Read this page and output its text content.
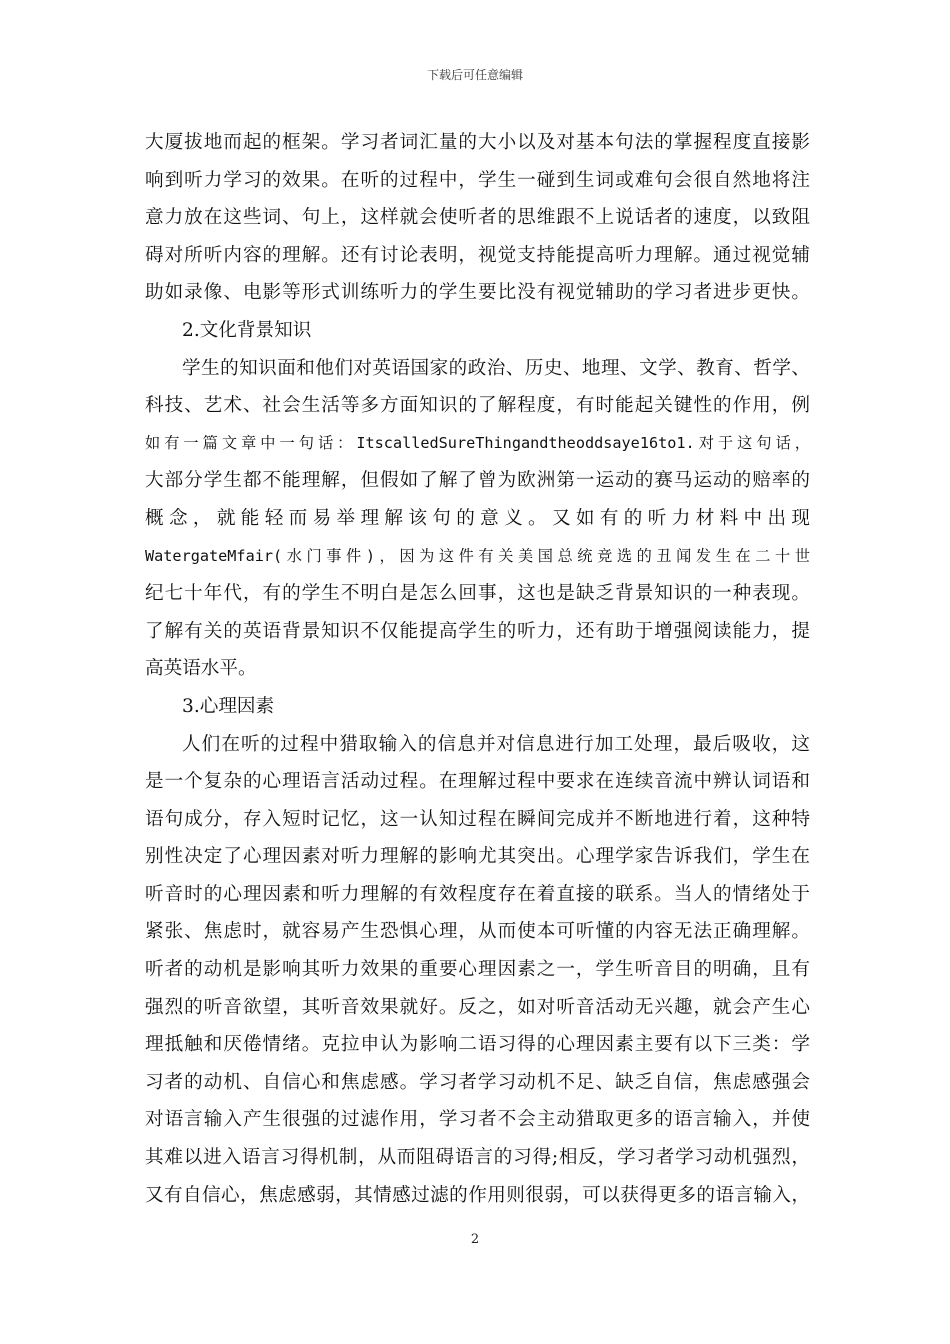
下载后可任意编辑
大厦拔地而起的框架。学习者词汇量的大小以及对基本句法的掌握程度直接影
响到听力学习的效果。在听的过程中，学生一碰到生词或难句会很自然地将注
意力放在这些词、句上，这样就会使听者的思维跟不上说话者的速度，以致阻
碍对所听内容的理解。还有讨论表明，视觉支持能提高听力理解。通过视觉辅
助如录像、电影等形式训练听力的学生要比没有视觉辅助的学习者进步更快。
2.文化背景知识
学生的知识面和他们对英语国家的政治、历史、地理、文学、教育、哲学、
科技、艺术、社会生活等多方面知识的了解程度，有时能起关键性的作用，例
如有一篇文章中一句话：ItscalledSureThingandtheoddsaye16to1.对于这句话，
大部分学生都不能理解，但假如了解了曾为欧洲第一运动的赛马运动的赔率的
概念，就能轻而易举理解该句的意义。又如有的听力材料中出现
WatergateMfair(水门事件)，因为这件有关美国总统竞选的丑闻发生在二十世
纪七十年代，有的学生不明白是怎么回事，这也是缺乏背景知识的一种表现。
了解有关的英语背景知识不仅能提高学生的听力，还有助于增强阅读能力，提
高英语水平。
3.心理因素
人们在听的过程中猎取输入的信息并对信息进行加工处理，最后吸收，这
是一个复杂的心理语言活动过程。在理解过程中要求在连续音流中辨认词语和
语句成分，存入短时记忆，这一认知过程在瞬间完成并不断地进行着，这种特
别性决定了心理因素对听力理解的影响尤其突出。心理学家告诉我们，学生在
听音时的心理因素和听力理解的有效程度存在着直接的联系。当人的情绪处于
紧张、焦虑时，就容易产生恐惧心理，从而使本可听懂的内容无法正确理解。
听者的动机是影响其听力效果的重要心理因素之一，学生听音目的明确，且有
强烈的听音欲望，其听音效果就好。反之，如对听音活动无兴趣，就会产生心
理抵触和厌倦情绪。克拉申认为影响二语习得的心理因素主要有以下三类：学
习者的动机、自信心和焦虑感。学习者学习动机不足、缺乏自信，焦虑感强会
对语言输入产生很强的过滤作用，学习者不会主动猎取更多的语言输入，并使
其难以进入语言习得机制，从而阻碍语言的习得;相反，学习者学习动机强烈，
又有自信心，焦虑感弱，其情感过滤的作用则很弱，可以获得更多的语言输入，
2
